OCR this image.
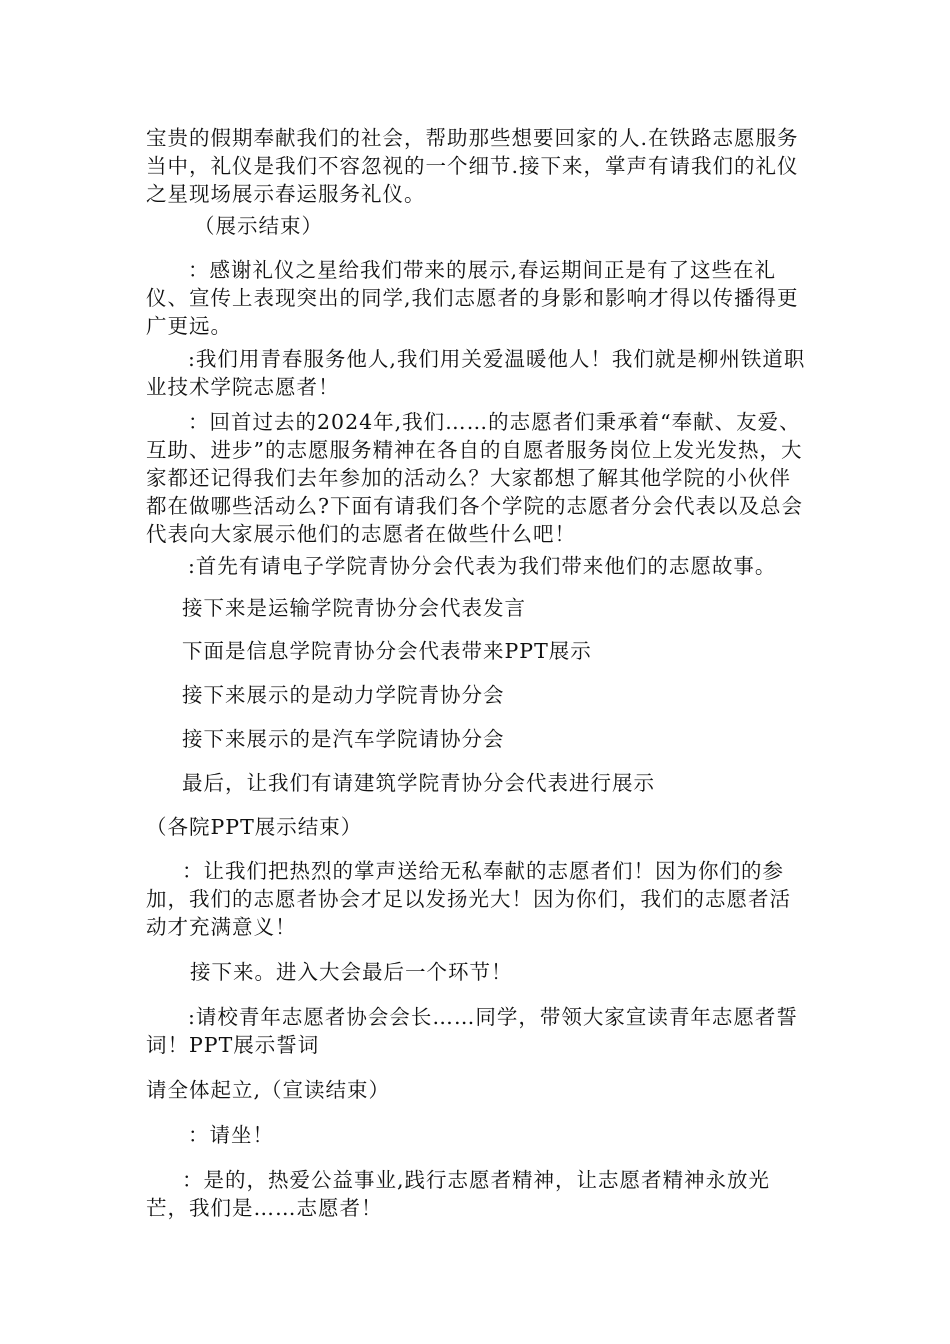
宝贵的假期奉献我们的社会，帮助那些想要回家的人.在铁路志愿服务当中，礼仪是我们不容忽视的一个细节.接下来，掌声有请我们的礼仪之星现场展示春运服务礼仪。

（展示结束）

：感谢礼仪之星给我们带来的展示,春运期间正是有了这些在礼仪、宣传上表现突出的同学,我们志愿者的身影和影响才得以传播得更广更远。

:我们用青春服务他人,我们用关爱温暖他人！我们就是柳州铁道职业技术学院志愿者！

：回首过去的2024年,我们……的志愿者们秉承着“奉献、友爱、互助、进步”的志愿服务精神在各自的自愿者服务岗位上发光发热，大家都还记得我们去年参加的活动么？大家都想了解其他学院的小伙伴都在做哪些活动么?下面有请我们各个学院的志愿者分会代表以及总会代表向大家展示他们的志愿者在做些什么吧！

:首先有请电子学院青协分会代表为我们带来他们的志愿故事。

接下来是运输学院青协分会代表发言

下面是信息学院青协分会代表带来PPT展示

接下来展示的是动力学院青协分会

接下来展示的是汽车学院请协分会

最后，让我们有请建筑学院青协分会代表进行展示

（各院PPT展示结束）

：让我们把热烈的掌声送给无私奉献的志愿者们！因为你们的参加，我们的志愿者协会才足以发扬光大！因为你们，我们的志愿者活动才充满意义！

接下来。进入大会最后一个环节！

:请校青年志愿者协会会长……同学，带领大家宣读青年志愿者誓词！PPT展示誓词

请全体起立,（宣读结束）

：请坐！

：是的，热爱公益事业,践行志愿者精神，让志愿者精神永放光芒，我们是……志愿者！
